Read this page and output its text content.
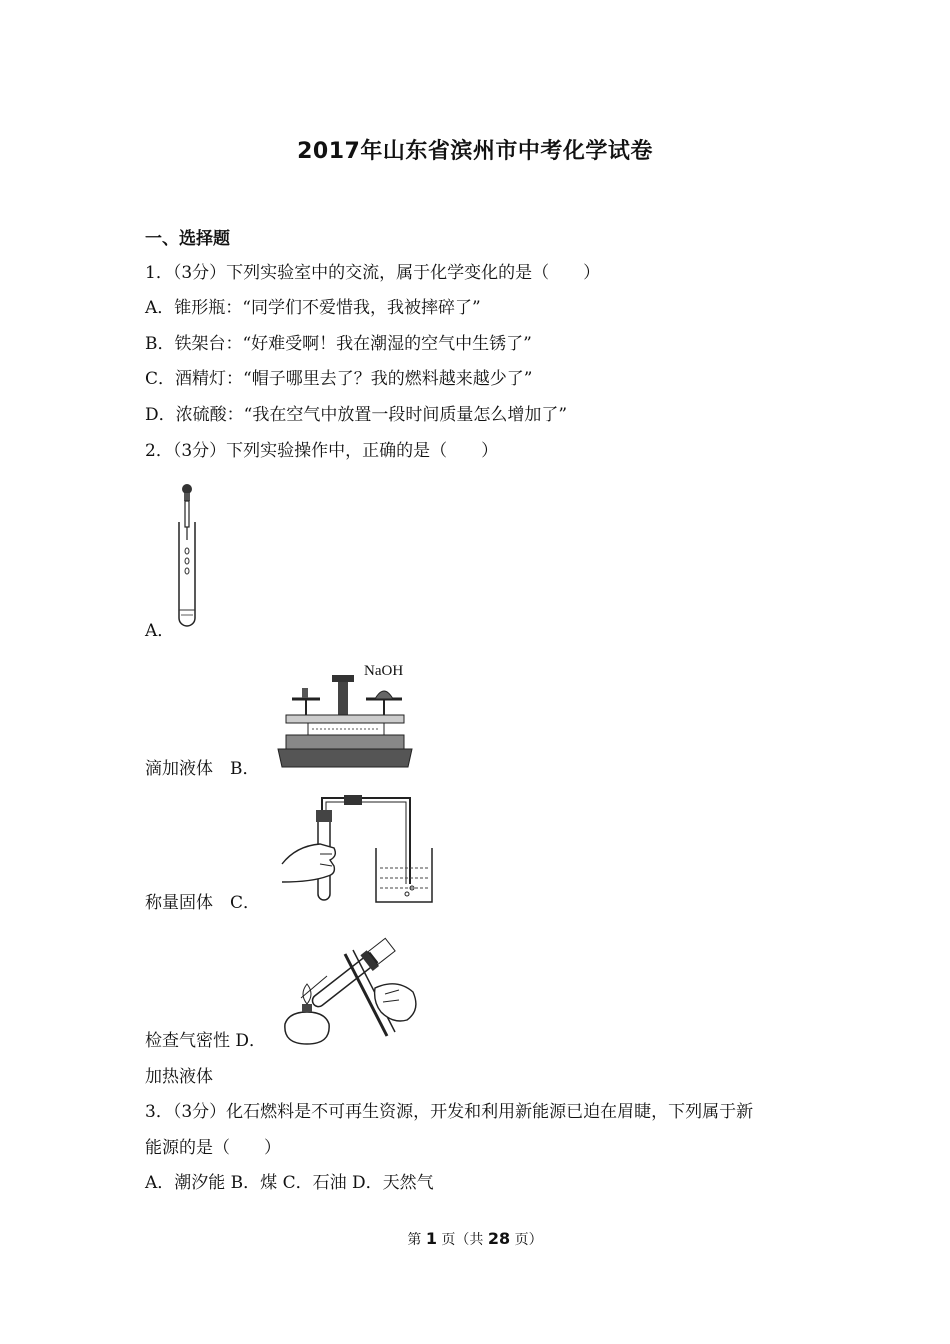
2017年山东省滨州市中考化学试卷
一、选择题
1．（3分）下列实验室中的交流，属于化学变化的是（　　）
A．锥形瓶：“同学们不爱惜我，我被摔碎了”
B．铁架台：“好难受啊！我在潮湿的空气中生锈了”
C．酒精灯：“帽子哪里去了？我的燃料越来越少了”
D．浓硫酸：“我在空气中放置一段时间质量怎么增加了”
2．（3分）下列实验操作中，正确的是（　　）
A．
NaOH
滴加液体　B．
称量固体　C．
检查气密性 D．
加热液体
3．（3分）化石燃料是不可再生资源，开发和利用新能源已迫在眉睫，下列属于新
能源的是（　　）
A．潮汐能 B．煤 C．石油 D．天然气
第 1 页（共 28 页）
